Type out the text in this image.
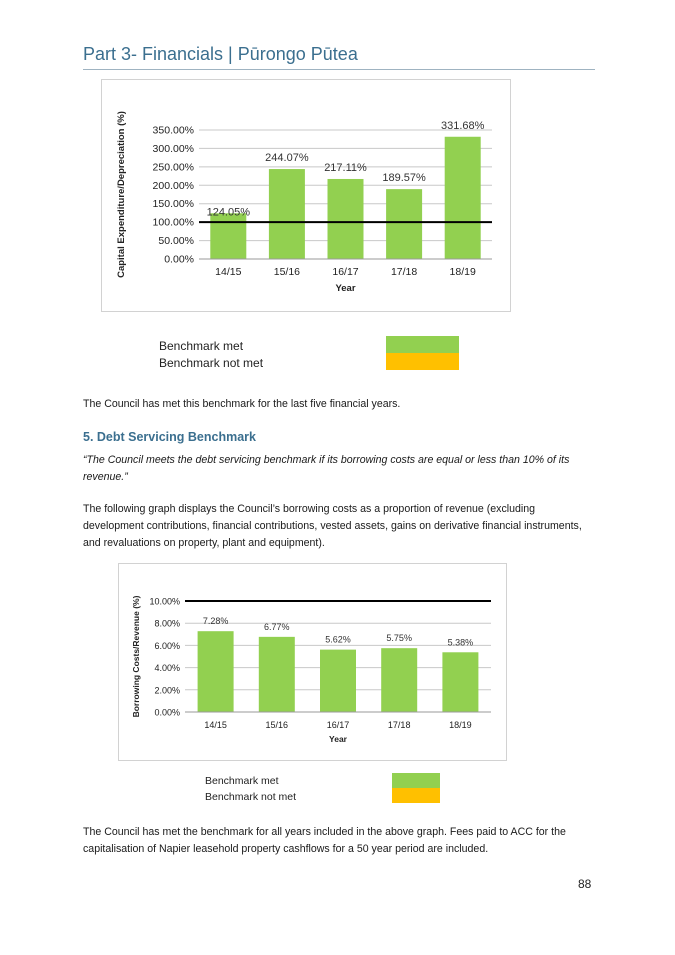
Part 3- Financials | Pūrongo Pūtea
0.00%
50.00%
100.00%
150.00%
200.00%
250.00%
300.00%
350.00%
14/15
124.05%
15/16
244.07%
16/17
217.11%
17/18
189.57%
18/19
331.68%
Year
Capital Expenditure/Depreciation (%)
Benchmark met
Benchmark not met
The Council has met this benchmark for the last five financial years.
5. Debt Servicing Benchmark
“The Council meets the debt servicing benchmark if its borrowing costs are equal or less than 10% of its revenue.”
The following graph displays the Council’s borrowing costs as a proportion of revenue (excluding development contributions, financial contributions, vested assets, gains on derivative financial instruments, and revaluations on property, plant and equipment).
0.00%
2.00%
4.00%
6.00%
8.00%
10.00%
14/15
7.28%
15/16
6.77%
16/17
5.62%
17/18
5.75%
18/19
5.38%
Year
Borrowing Costs/Revenue (%)
Benchmark met
Benchmark not met
The Council has met the benchmark for all years included in the above graph. Fees paid to ACC for the capitalisation of Napier leasehold property cashflows for a 50 year period are included.
88
